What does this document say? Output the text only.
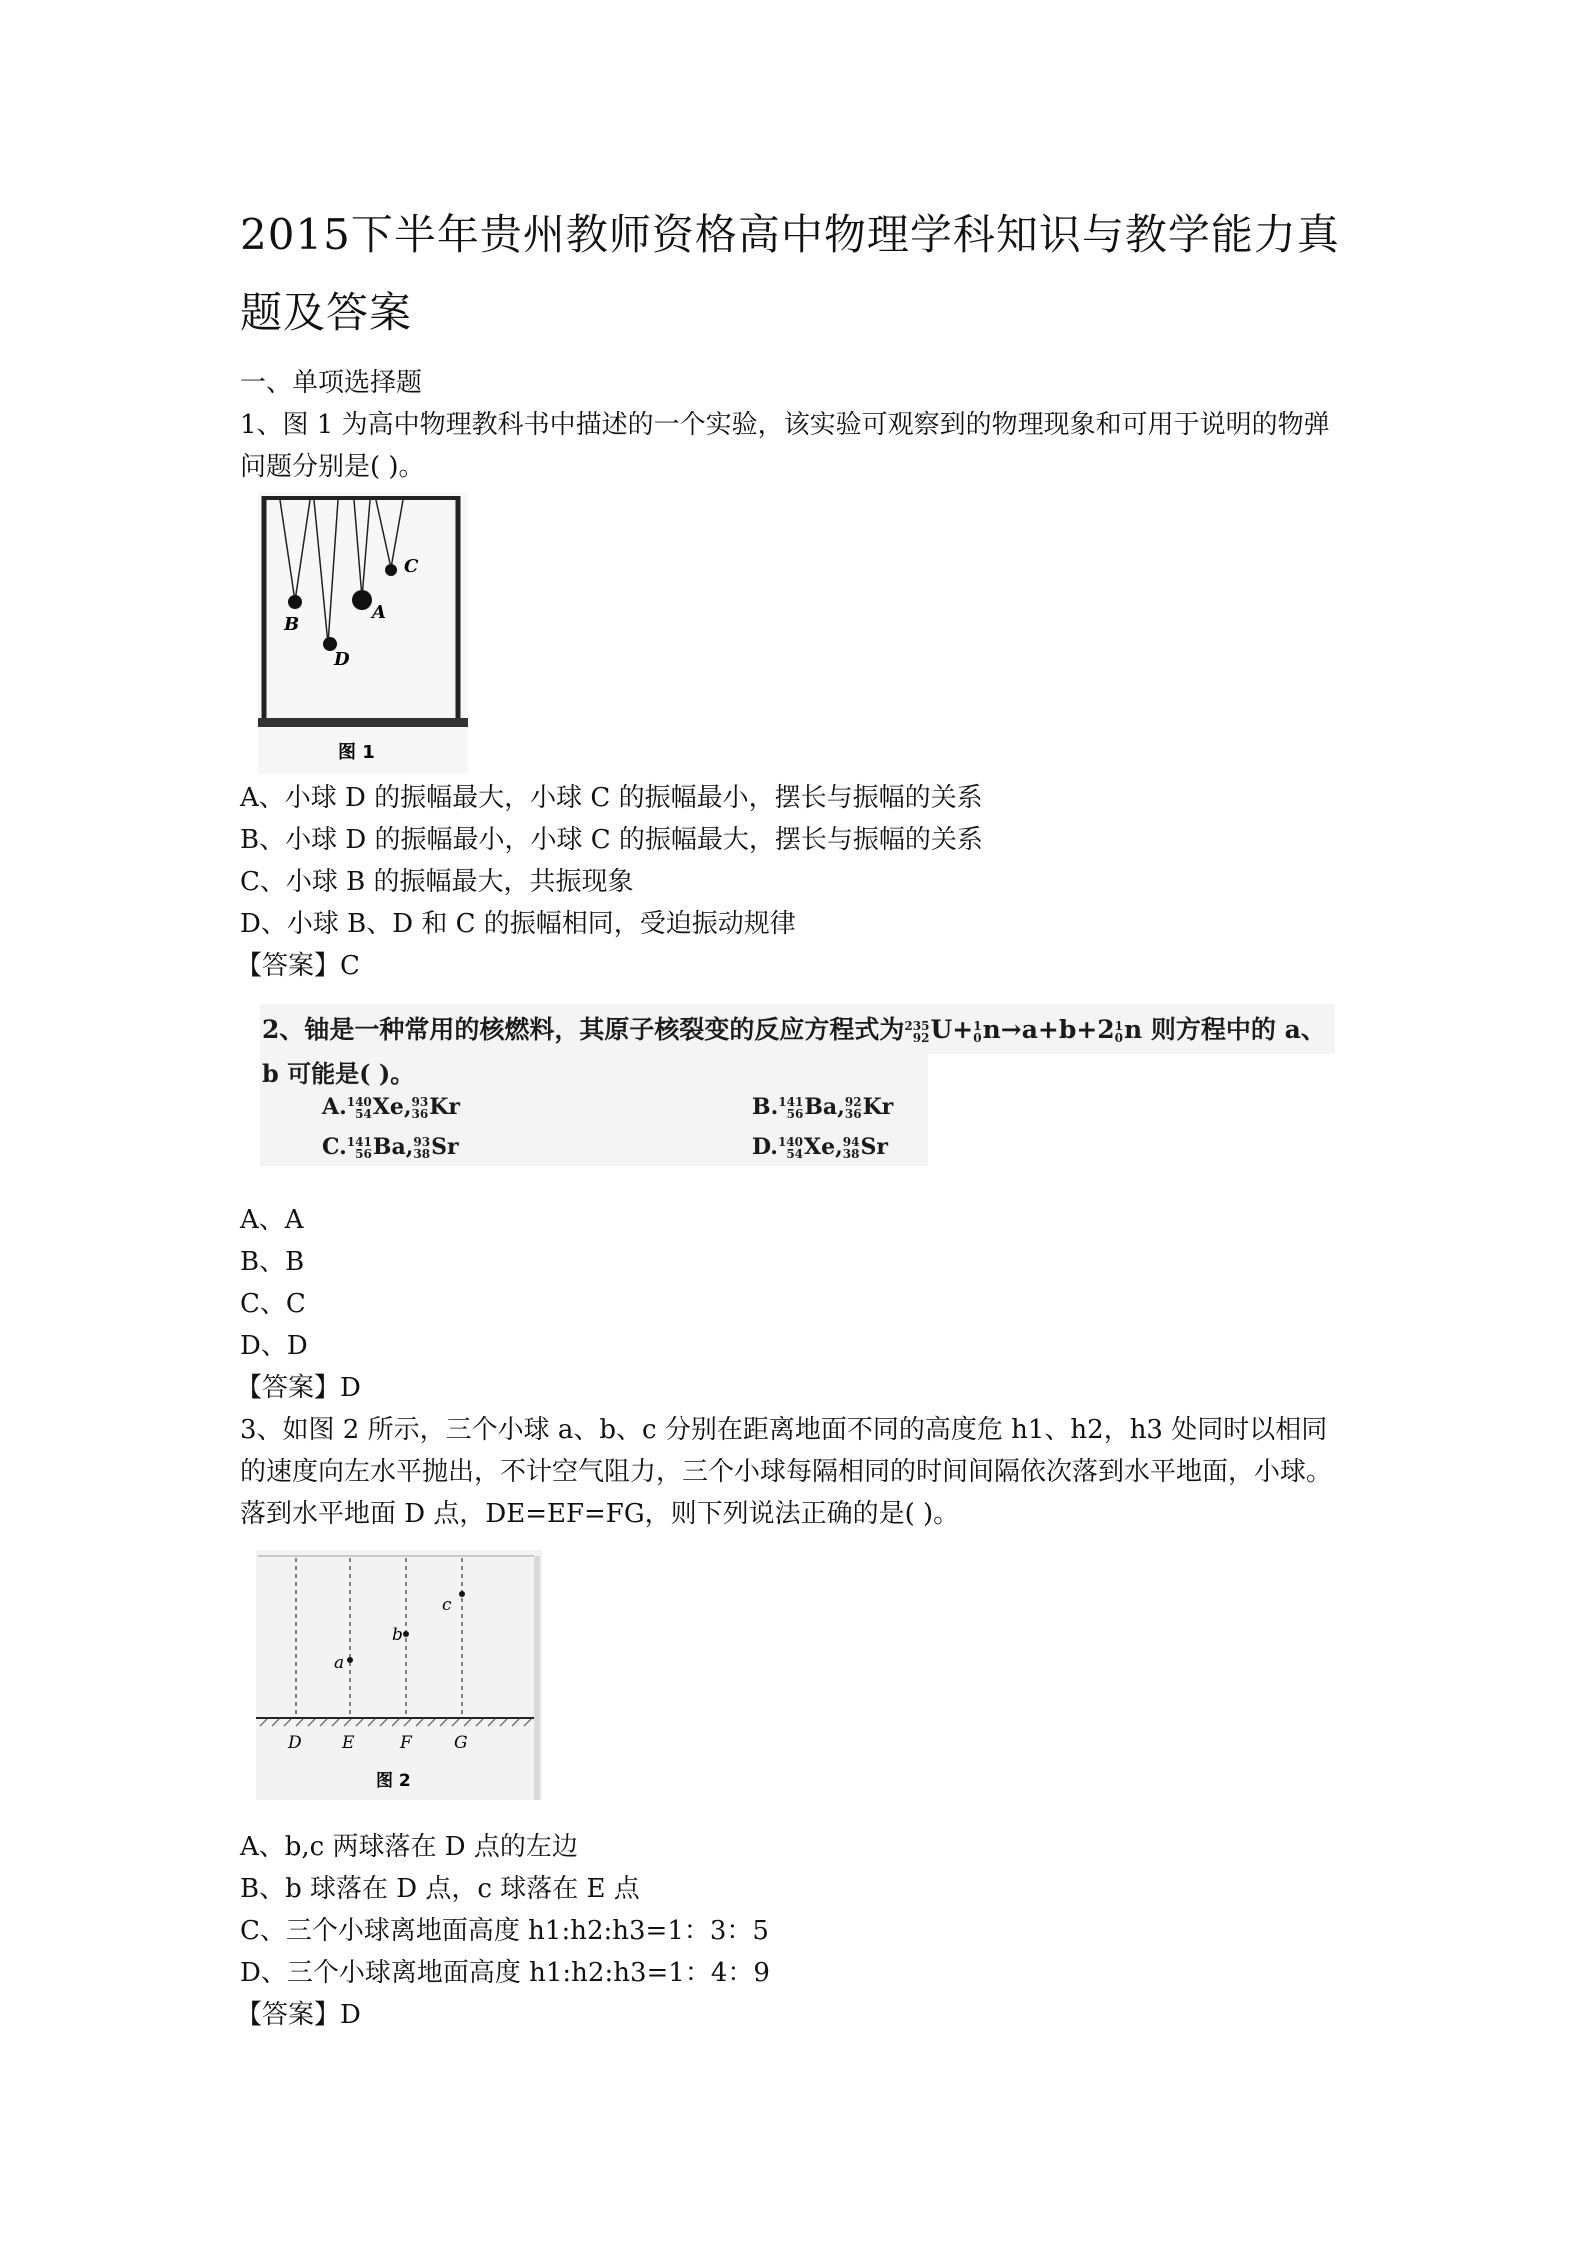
2015下半年贵州教师资格高中物理学科知识与教学能力真题及答案
一、单项选择题
1、图 1 为高中物理教科书中描述的一个实验，该实验可观察到的物理现象和可用于说明的物弹问题分别是( )。
B
D
A
C
图 1
A、小球 D 的振幅最大，小球 C 的振幅最小，摆长与振幅的关系
B、小球 D 的振幅最小，小球 C 的振幅最大，摆长与振幅的关系
C、小球 B 的振幅最大，共振现象
D、小球 B、D 和 C 的振幅相同，受迫振动规律
【答案】C
2、铀是一种常用的核燃料，其原子核裂变的反应方程式为 235
92 U+ 1
0 n→a+b+2 1
0 n 则方程中的 a、
b 可能是( )。
A. 140
54 Xe, 93
36 Kr	B. 141
56 Ba, 92
36 Kr
C. 141
56 Ba, 93
38 Sr	D. 140
54 Xe, 94
38 Sr
A、A
B、B
C、C
D、D
【答案】D
3、如图 2 所示，三个小球 a、b、c 分别在距离地面不同的高度危 h1、h2，h3 处同时以相同的速度向左水平抛出，不计空气阻力，三个小球每隔相同的时间间隔依次落到水平地面，小球。落到水平地面 D 点，DE=EF=FG，则下列说法正确的是( )。
a
b
c
D E	F G
图 2
A、b,c 两球落在 D 点的左边
B、b 球落在 D 点，c 球落在 E 点
C、三个小球离地面高度 h1:h2:h3=1：3：5
D、三个小球离地面高度 h1:h2:h3=1：4：9
【答案】D
